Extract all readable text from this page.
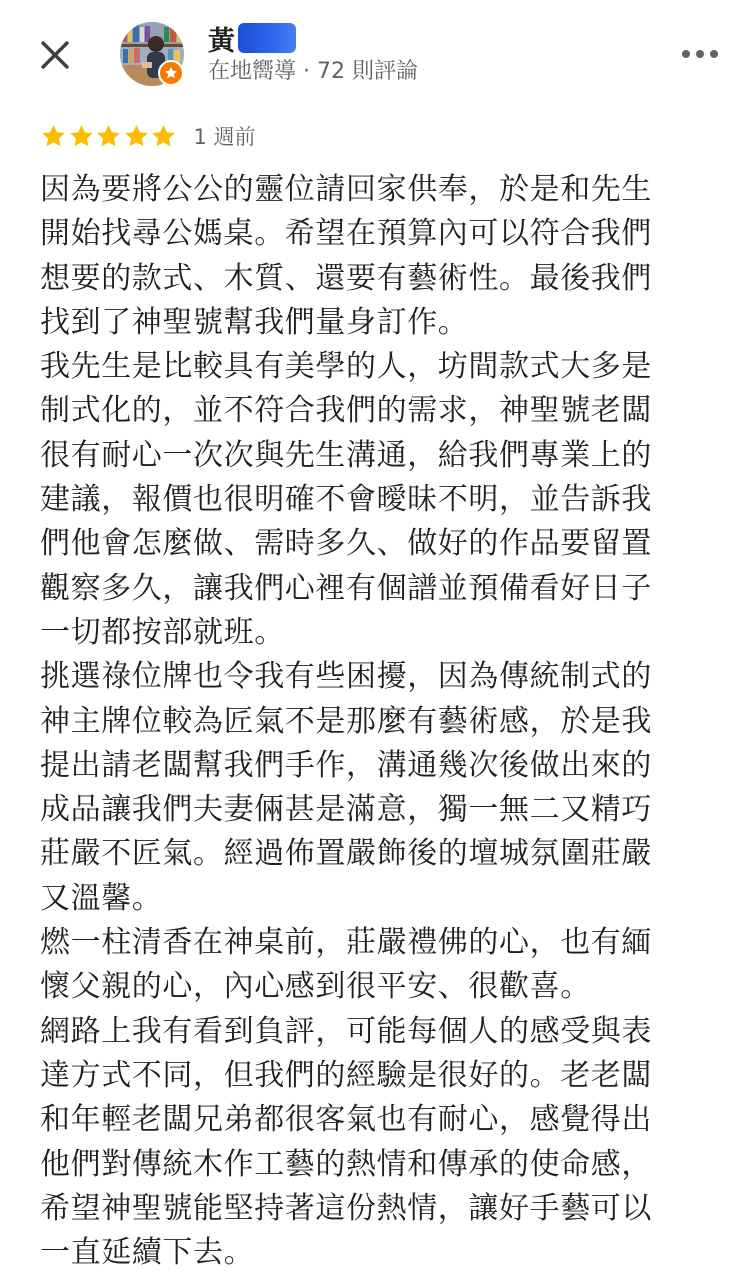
黃
在地嚮導 · 72 則評論
1 週前
因為要將公公的靈位請回家供奉，於是和先生
開始找尋公媽桌。希望在預算內可以符合我們
想要的款式、木質、還要有藝術性。最後我們
找到了神聖號幫我們量身訂作。
我先生是比較具有美學的人，坊間款式大多是
制式化的，並不符合我們的需求，神聖號老闆
很有耐心一次次與先生溝通，給我們專業上的
建議，報價也很明確不會曖昧不明，並告訴我
們他會怎麼做、需時多久、做好的作品要留置
觀察多久，讓我們心裡有個譜並預備看好日子
一切都按部就班。
挑選祿位牌也令我有些困擾，因為傳統制式的
神主牌位較為匠氣不是那麼有藝術感，於是我
提出請老闆幫我們手作，溝通幾次後做出來的
成品讓我們夫妻倆甚是滿意，獨一無二又精巧
莊嚴不匠氣。經過佈置嚴飾後的壇城氛圍莊嚴
又溫馨。
燃一柱清香在神桌前，莊嚴禮佛的心，也有緬
懷父親的心，內心感到很平安、很歡喜。
網路上我有看到負評，可能每個人的感受與表
達方式不同，但我們的經驗是很好的。老老闆
和年輕老闆兄弟都很客氣也有耐心，感覺得出
他們對傳統木作工藝的熱情和傳承的使命感，
希望神聖號能堅持著這份熱情，讓好手藝可以
一直延續下去。
